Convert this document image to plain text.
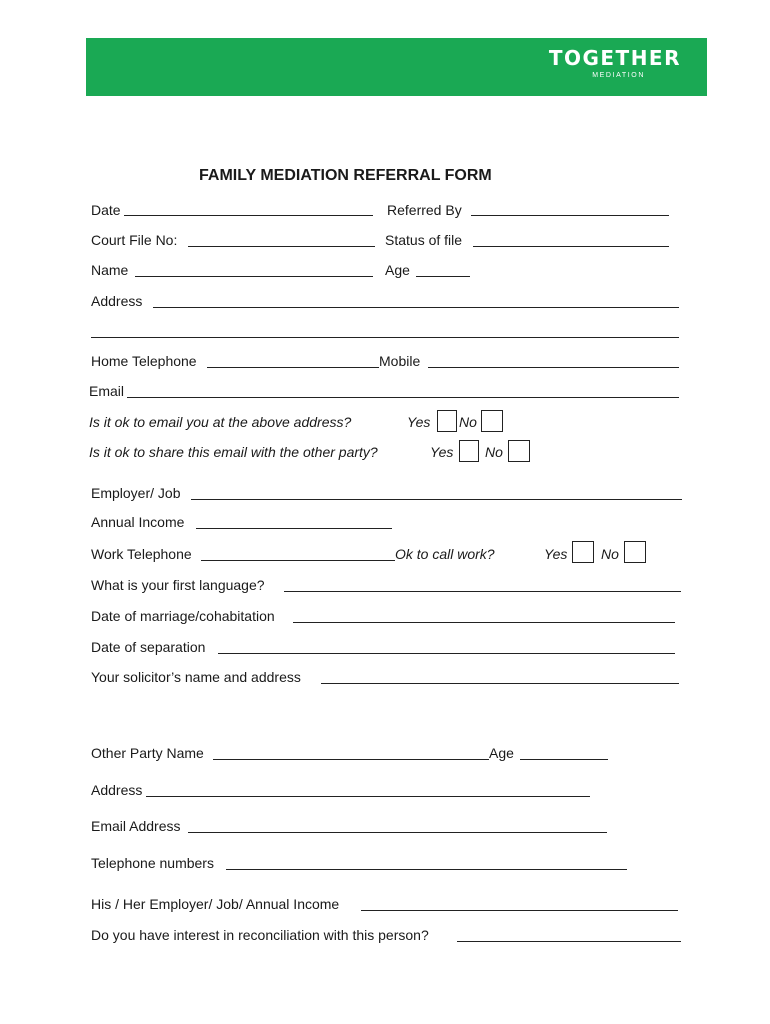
TOGETHER
MEDIATION
FAMILY MEDIATION REFERRAL FORM
Date	Referred By
Court File No:	Status of file
Name	Age
Address
Home Telephone	Mobile
Email
Is it ok to email you at the above address?	Yes No
Is it ok to share this email with the other party?	Yes No
Employer/ Job
Annual Income
Work Telephone	Ok to call work?	Yes No
What is your first language?
Date of marriage/cohabitation
Date of separation
Your solicitor’s name and address
Other Party Name	Age
Address
Email Address
Telephone numbers
His / Her Employer/ Job/ Annual Income
Do you have interest in reconciliation with this person?
